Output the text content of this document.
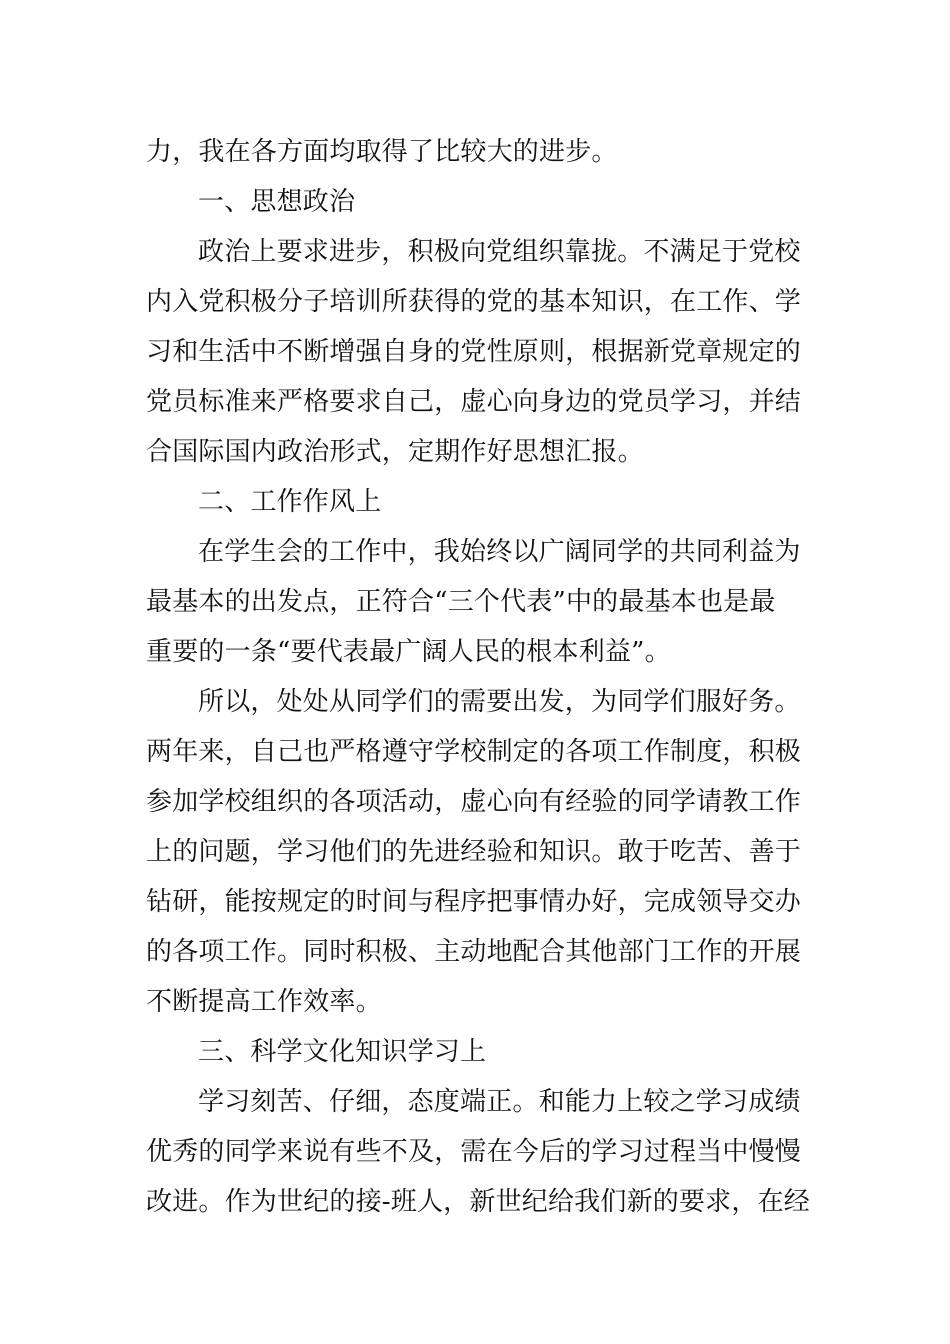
力，我在各方面均取得了比较大的进步。
一、思想政治
政治上要求进步，积极向党组织靠拢。不满足于党校
内入党积极分子培训所获得的党的基本知识，在工作、学
习和生活中不断增强自身的党性原则，根据新党章规定的
党员标准来严格要求自己，虚心向身边的党员学习，并结
合国际国内政治形式，定期作好思想汇报。
二、工作作风上
在学生会的工作中，我始终以广阔同学的共同利益为
最基本的出发点，正符合“三个代表”中的最基本也是最
重要的一条“要代表最广阔人民的根本利益”。
所以，处处从同学们的需要出发，为同学们服好务。
两年来，自己也严格遵守学校制定的各项工作制度，积极
参加学校组织的各项活动，虚心向有经验的同学请教工作
上的问题，学习他们的先进经验和知识。敢于吃苦、善于
钻研，能按规定的时间与程序把事情办好，完成领导交办
的各项工作。同时积极、主动地配合其他部门工作的开展
不断提高工作效率。
三、科学文化知识学习上
学习刻苦、仔细，态度端正。和能力上较之学习成绩
优秀的同学来说有些不及，需在今后的学习过程当中慢慢
改进。作为世纪的接-班人，新世纪给我们新的要求，在经
